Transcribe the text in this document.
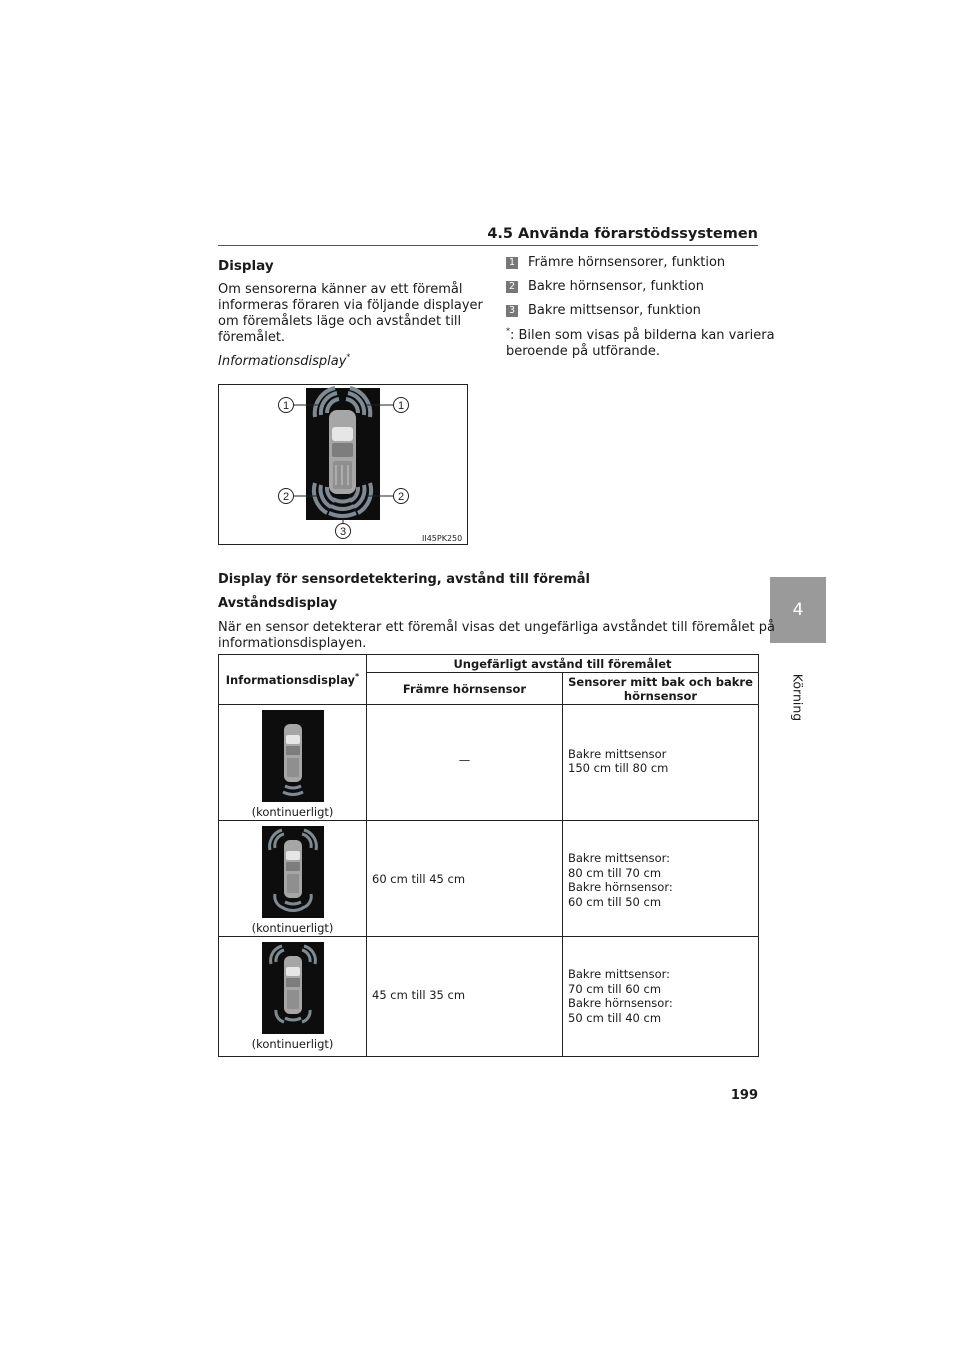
4.5 Använda förarstödssystemen
4
Körning
Display
Om sensorerna känner av ett föremål
informeras föraren via följande displayer
om föremålets läge och avståndet till
föremålet.
Informationsdisplay*
1	1
2	2
3
II45PK250
1 Främre hörnsensorer, funktion
2 Bakre hörnsensor, funktion
3 Bakre mittsensor, funktion
*: Bilen som visas på bilderna kan variera
beroende på utförande.
Display för sensordetektering, avstånd till föremål
Avståndsdisplay
När en sensor detekterar ett föremål visas det ungefärliga avståndet till föremålet på
informationsdisplayen.
Informationsdisplay*	Ungefärligt avstånd till föremålet	
	Främre hörnsensor	Sensorer mitt bak och bakre
hörnsensor

(kontinuerligt)	—	Bakre mittsensor
150 cm till 80 cm

(kontinuerligt)	60 cm till 45 cm	Bakre mittsensor:
80 cm till 70 cm
Bakre hörnsensor:
60 cm till 50 cm

(kontinuerligt)	45 cm till 35 cm	Bakre mittsensor:
70 cm till 60 cm
Bakre hörnsensor:
50 cm till 40 cm
199
